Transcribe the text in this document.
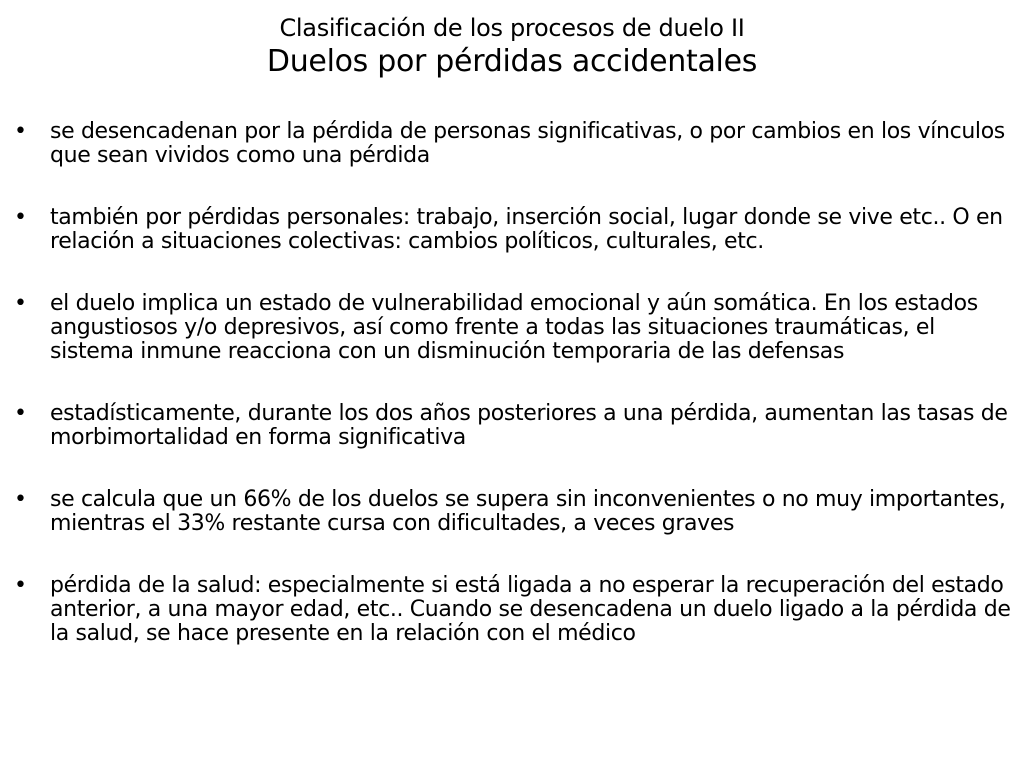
Clasificación de los procesos de duelo II
Duelos por pérdidas accidentales
• se desencadenan por la pérdida de personas significativas, o por cambios en los vínculos que sean vividos como una pérdida
• también por pérdidas personales: trabajo, inserción social, lugar donde se vive etc.. O en relación a situaciones colectivas: cambios políticos, culturales, etc.
• el duelo implica un estado de vulnerabilidad emocional y aún somática. En los estados angustiosos y/o depresivos, así como frente a todas las situaciones traumáticas, el sistema inmune reacciona con un disminución temporaria de las defensas
• estadísticamente, durante los dos años posteriores a una pérdida, aumentan las tasas de morbimortalidad en forma significativa
• se calcula que un 66% de los duelos se supera sin inconvenientes o no muy importantes, mientras el 33% restante cursa con dificultades, a veces graves
• pérdida de la salud: especialmente si está ligada a no esperar la recuperación del estado anterior, a una mayor edad, etc.. Cuando se desencadena un duelo ligado a la pérdida de la salud, se hace presente en la relación con el médico
